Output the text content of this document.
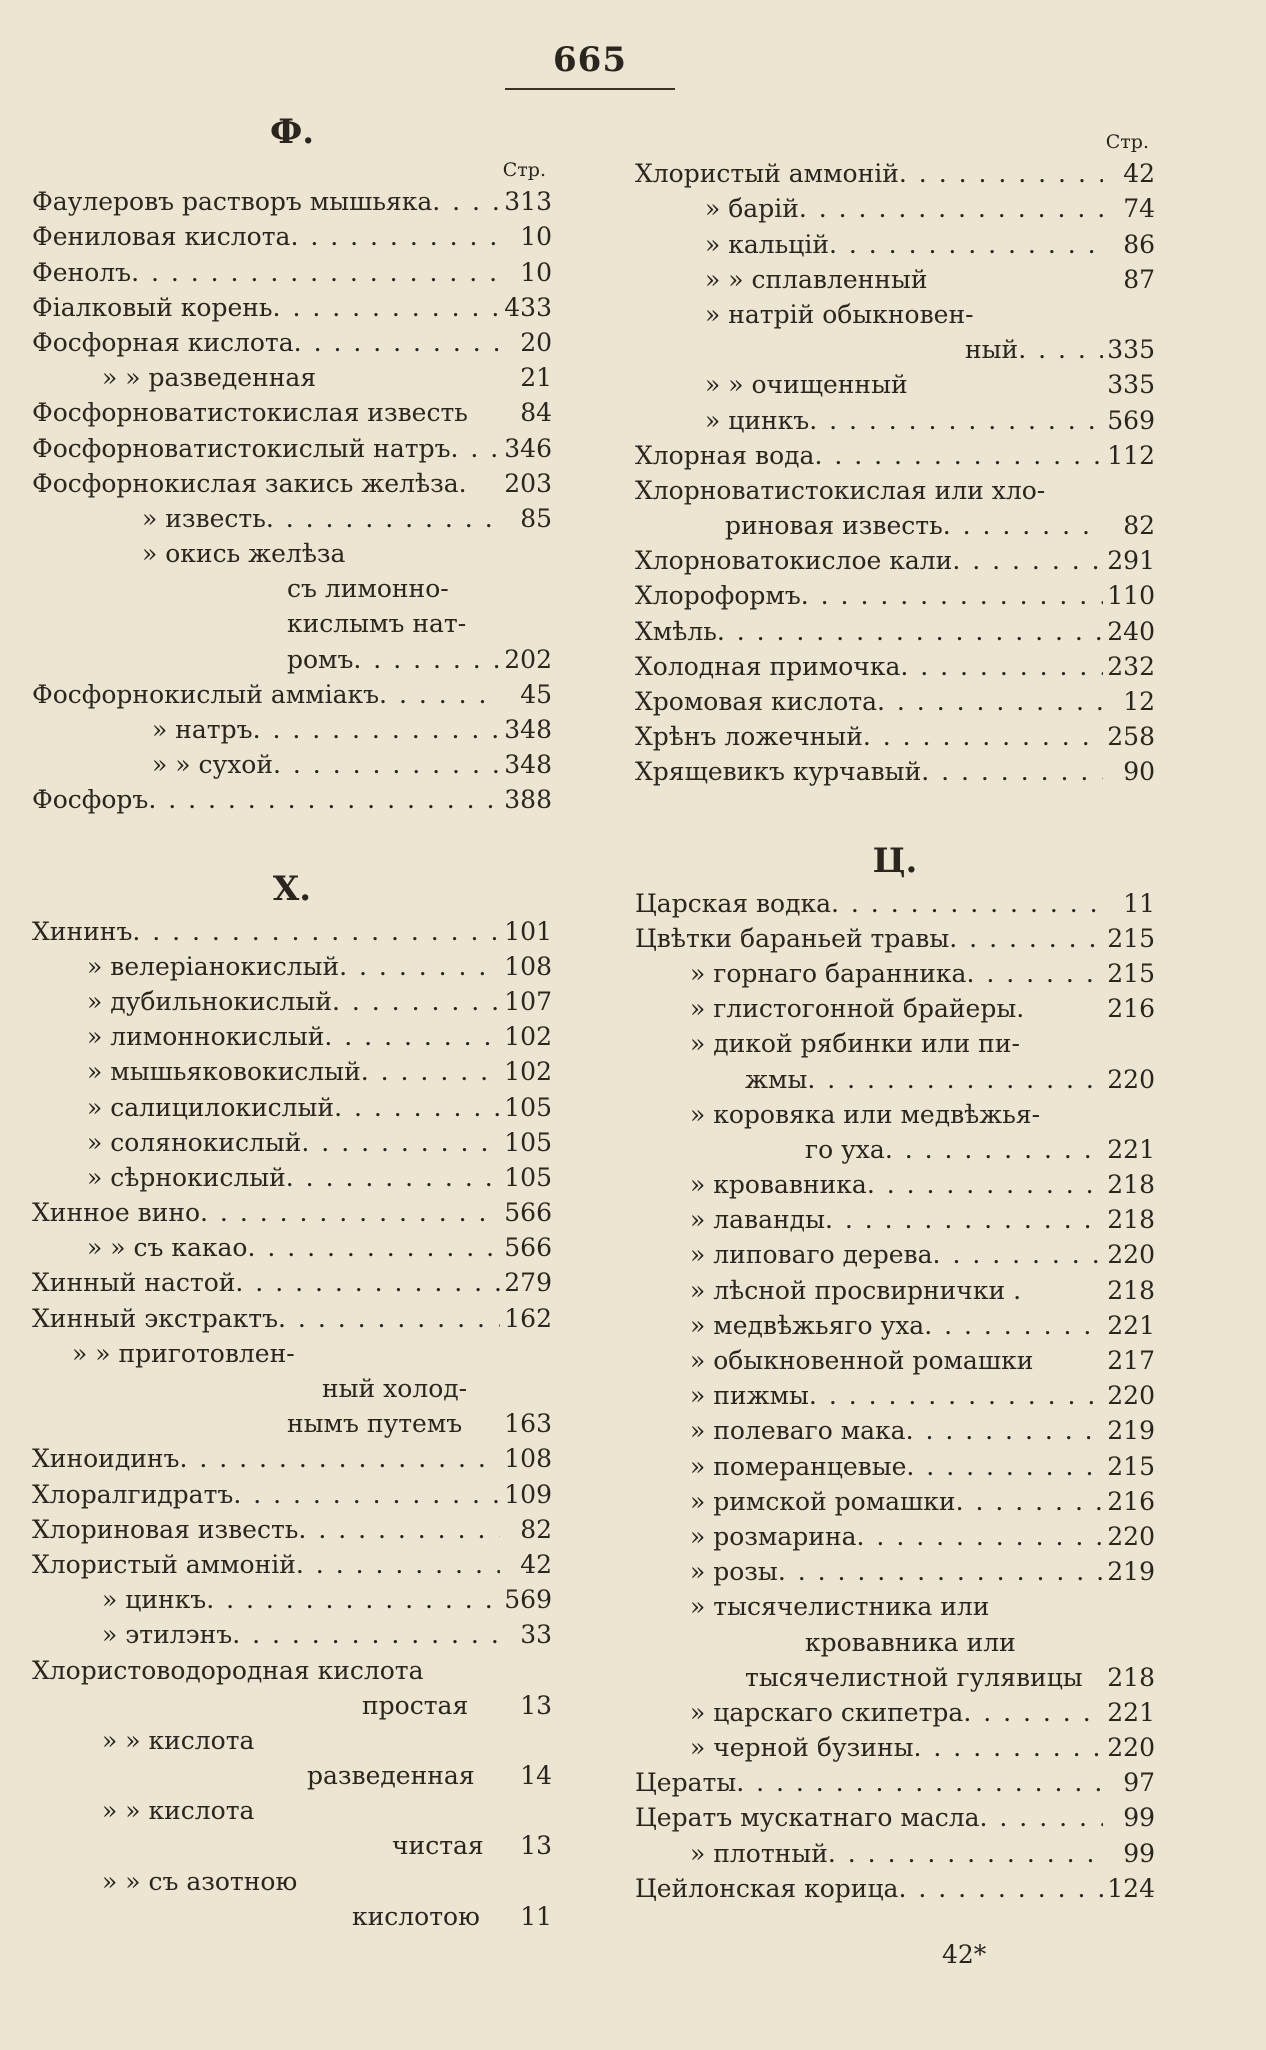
665
Ф.
Стр.
Фаулеровъ растворъ мышьяка . . .	313
Фениловая кислота . . .	10
Фенолъ . . .	10
Фіалковый корень . . .	433
Фосфорная кислота . . .	20
» » разведенная	21
Фосфорноватистокислая известь	84
Фосфорноватистокислый натръ . . . 346
Фосфорнокислая закись желѣза. 203
» известь . . .	85
» окись желѣза
съ лимонно-
кислымъ нат-
ромъ . . .	202
Фосфорнокислый амміакъ . . .	45
» натръ . . .	348
» » сухой . . .	348
Фосфоръ . . .	388
Х.
Хининъ . . .	101
» велеріанокислый . . .	108
» дубильнокислый . . .	107
» лимоннокислый . . .	102
» мышьяковокислый . . .	102
» салицилокислый . . .	105
» солянокислый . . .	105
» сѣрнокислый . . .	105
Хинное вино . . .	566
» » съ какао . . .	566
Хинный настой . . .	279
Хинный экстрактъ . . .	162
» » приготовлен-
ный холод-
нымъ путемъ 163
Хиноидинъ . . .	108
Хлоралгидратъ . . .	109
Хлориновая известь . . .	82
Хлористый аммоній . . .	42
» цинкъ . . .	569
» этилэнъ . . .	33
Хлористоводородная кислота
простая	13
» » кислота
разведенная	14
» » кислота
чистая	13
» » съ азотною
кислотою	11
Стр.
Хлористый аммоній . . .	42
» барій . . .	74
» кальцій . . .	86
» » сплавленный	87
» натрій обыкновен-
ный . . .	335
» » очищенный	335
» цинкъ . . .	569
Хлорная вода . . .	112
Хлорноватистокислая или хло-
риновая известь . . .	82
Хлорноватокислое кали . . .	291
Хлороформъ . . .	110
Хмѣль . . .	240
Холодная примочка . . .	232
Хромовая кислота . . .	12
Хрѣнъ ложечный . . .	258
Хрящевикъ курчавый . . .	90
Ц.
Царская водка . . .	11
Цвѣтки бараньей травы . . .	215
» горнаго баранника . . .	215
» глистогонной брайеры.	216
» дикой рябинки или пи-
жмы . . .	220
» коровяка или медвѣжья-
го уха . . .	221
» кровавника . . .	218
» лаванды . . .	218
» липоваго дерева . . .	220
» лѣсной просвирнички .	218
» медвѣжьяго уха . . .	221
» обыкновенной ромашки	217
» пижмы . . .	220
» полеваго мака . . .	219
» померанцевые . . .	215
» римской ромашки . . .	216
» розмарина . . .	220
» розы . . .	219
» тысячелистника или
кровавника или
тысячелистной гулявицы 218
» царскаго скипетра . . .	221
» черной бузины . . .	220
Цераты . . .	97
Цератъ мускатнаго масла . . .	99
» плотный . . .	99
Цейлонская корица . . .	124
42*
